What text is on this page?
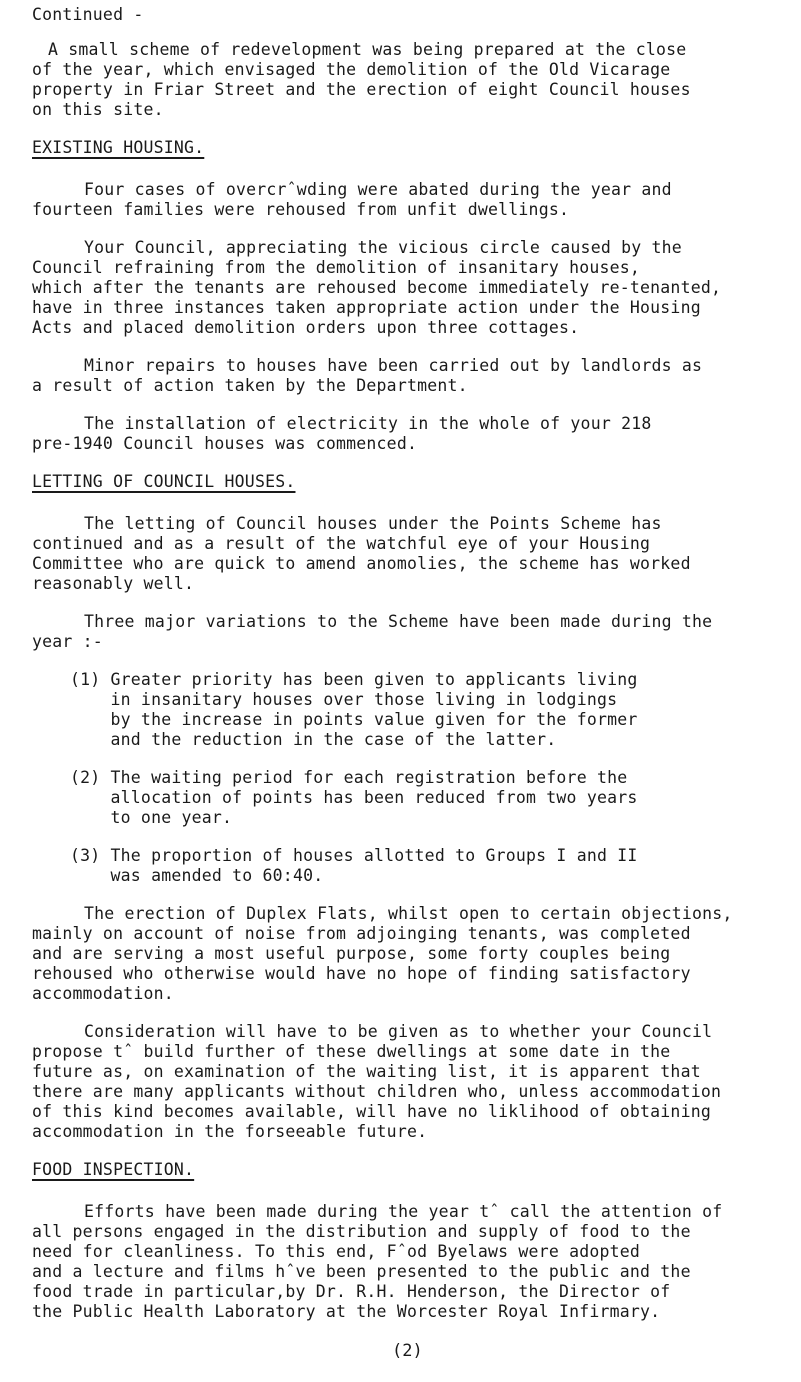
Continued -
A small scheme of redevelopment was being prepared at the close
of the year, which envisaged the demolition of the Old Vicarage
property in Friar Street and the erection of eight Council houses
on this site.
EXISTING HOUSING.
Four cases of overcrˆwding were abated during the year and
fourteen families were rehoused from unfit dwellings.
Your Council, appreciating the vicious circle caused by the
Council refraining from the demolition of insanitary houses,
which after the tenants are rehoused become immediately re-tenanted,
have in three instances taken appropriate action under the Housing
Acts and placed demolition orders upon three cottages.
Minor repairs to houses have been carried out by landlords as
a result of action taken by the Department.
The installation of electricity in the whole of your 218
pre-1940 Council houses was commenced.
LETTING OF COUNCIL HOUSES.
The letting of Council houses under the Points Scheme has
continued and as a result of the watchful eye of your Housing
Committee who are quick to amend anomolies, the scheme has worked
reasonably well.
Three major variations to the Scheme have been made during the
year :-
(1) Greater priority has been given to applicants living
in insanitary houses over those living in lodgings
by the increase in points value given for the former
and the reduction in the case of the latter.
(2) The waiting period for each registration before the
allocation of points has been reduced from two years
to one year.
(3) The proportion of houses allotted to Groups I and II
was amended to 60:40.
The erection of Duplex Flats, whilst open to certain objections,
mainly on account of noise from adjoinging tenants, was completed
and are serving a most useful purpose, some forty couples being
rehoused who otherwise would have no hope of finding satisfactory
accommodation.
Consideration will have to be given as to whether your Council
propose tˆ build further of these dwellings at some date in the
future as, on examination of the waiting list, it is apparent that
there are many applicants without children who, unless accommodation
of this kind becomes available, will have no liklihood of obtaining
accommodation in the forseeable future.
FOOD INSPECTION.
Efforts have been made during the year tˆ call the attention of
all persons engaged in the distribution and supply of food to the
need for cleanliness. To this end, Fˆod Byelaws were adopted
and a lecture and films hˆve been presented to the public and the
food trade in particular,by Dr. R.H. Henderson, the Director of
the Public Health Laboratory at the Worcester Royal Infirmary.
(2)
